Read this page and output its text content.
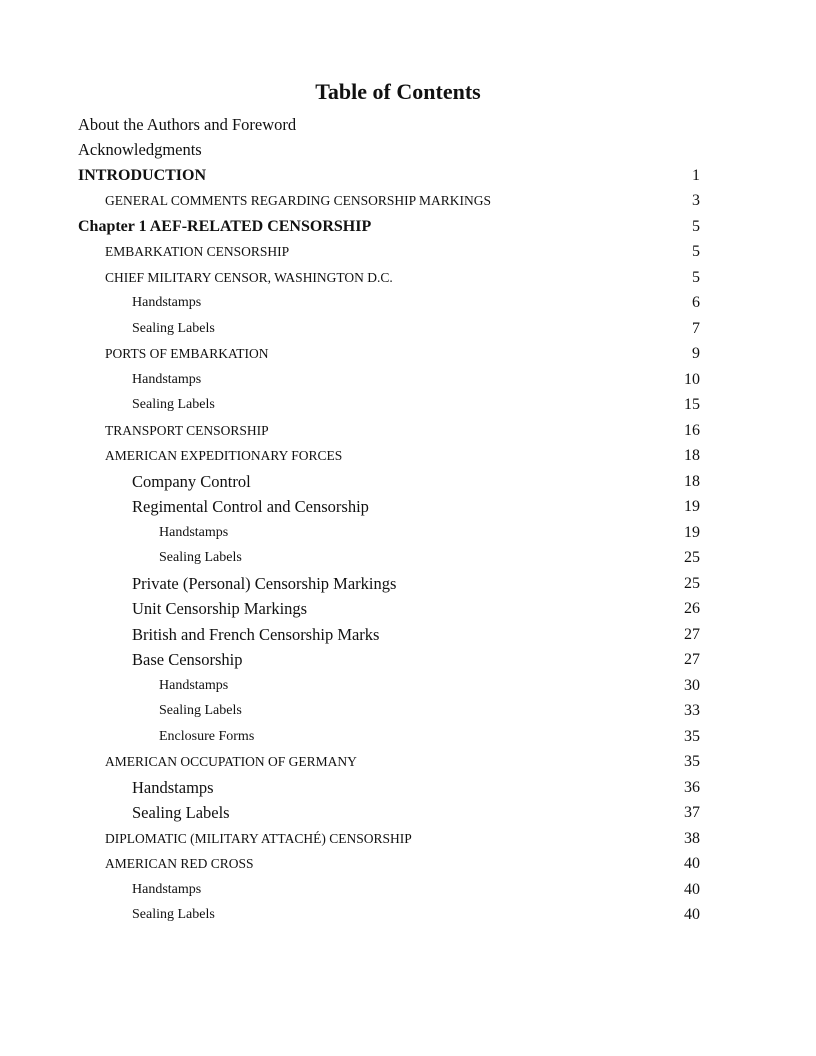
Table of Contents
About the Authors and Foreword
Acknowledgments
INTRODUCTION	1
GENERAL COMMENTS REGARDING CENSORSHIP MARKINGS	3
Chapter 1 AEF-RELATED CENSORSHIP	5
EMBARKATION CENSORSHIP	5
CHIEF MILITARY CENSOR, WASHINGTON D.C.	5
Handstamps	6
Sealing Labels	7
PORTS OF EMBARKATION	9
Handstamps	10
Sealing Labels	15
TRANSPORT CENSORSHIP	16
AMERICAN EXPEDITIONARY FORCES	18
Company Control	18
Regimental Control and Censorship	19
Handstamps	19
Sealing Labels	25
Private (Personal) Censorship Markings	25
Unit Censorship Markings	26
British and French Censorship Marks	27
Base Censorship	27
Handstamps	30
Sealing Labels	33
Enclosure Forms	35
AMERICAN OCCUPATION OF GERMANY	35
Handstamps	36
Sealing Labels	37
DIPLOMATIC (MILITARY ATTACHÉ) CENSORSHIP	38
AMERICAN RED CROSS	40
Handstamps	40
Sealing Labels	40
